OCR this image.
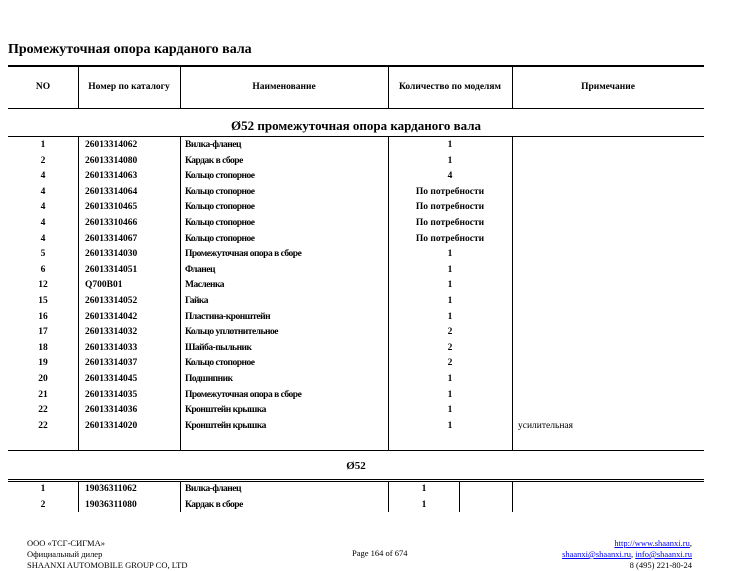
Промежуточная опора карданого вала
NO	Номер по каталогу	Наименование	Количество по моделям	Примечание
Ø52 промежуточная опора карданого вала
1	26013314062	Вилка-фланец	1
2	26013314080	Кардак в сборе	1
4	26013314063	Кольцо стопорное	4
4	26013314064	Кольцо стопорное	По потребности
4	26013310465	Кольцо стопорное	По потребности
4	26013310466	Кольцо стопорное	По потребности
4	26013314067	Кольцо стопорное	По потребности
5	26013314030	Промежуточная опора в сборе	1
6	26013314051	Фланец	1
12	Q700B01	Масленка	1
15	26013314052	Гайка	1
16	26013314042	Пластина-кронштейн	1
17	26013314032	Кольцо уплотнительное	2
18	26013314033	Шайба-пыльник	2
19	26013314037	Кольцо стопорное	2
20	26013314045	Подшипник	1
21	26013314035	Промежуточная опора в сборе	1
22	26013314036	Кронштейн крышка	1
22	26013314020	Кронштейн крышка	1	усилительная
Ø52
1	19036311062	Вилка-фланец	1
2	19036311080	Кардак в сборе	1
ООО «ТСГ-СИГМА»
Официальный дилер
SHAANXI AUTOMOBILE GROUP CO, LTD
Page 164 of 674
http://www.shaanxi.ru,
shaanxi@shaanxi.ru, info@shaanxi.ru
8 (495) 221-80-24
